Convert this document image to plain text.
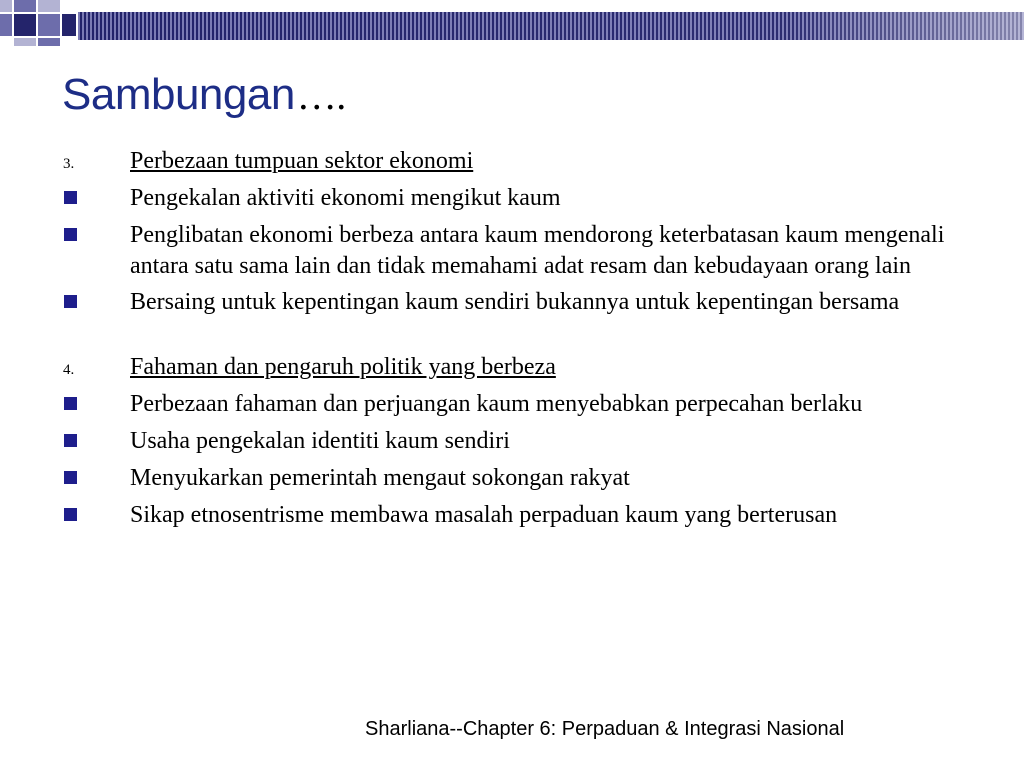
Sambungan….
3.	Perbezaan tumpuan sektor ekonomi
Pengekalan aktiviti ekonomi mengikut kaum
Penglibatan ekonomi berbeza antara kaum mendorong keterbatasan kaum mengenali antara satu sama lain dan tidak memahami adat resam dan kebudayaan orang lain
Bersaing untuk kepentingan kaum sendiri bukannya untuk kepentingan bersama
4.	Fahaman dan pengaruh politik yang berbeza
Perbezaan fahaman dan perjuangan kaum menyebabkan perpecahan berlaku
Usaha pengekalan identiti kaum sendiri
Menyukarkan pemerintah mengaut sokongan rakyat
Sikap etnosentrisme membawa masalah perpaduan kaum yang berterusan
Sharliana--Chapter 6: Perpaduan & Integrasi Nasional
